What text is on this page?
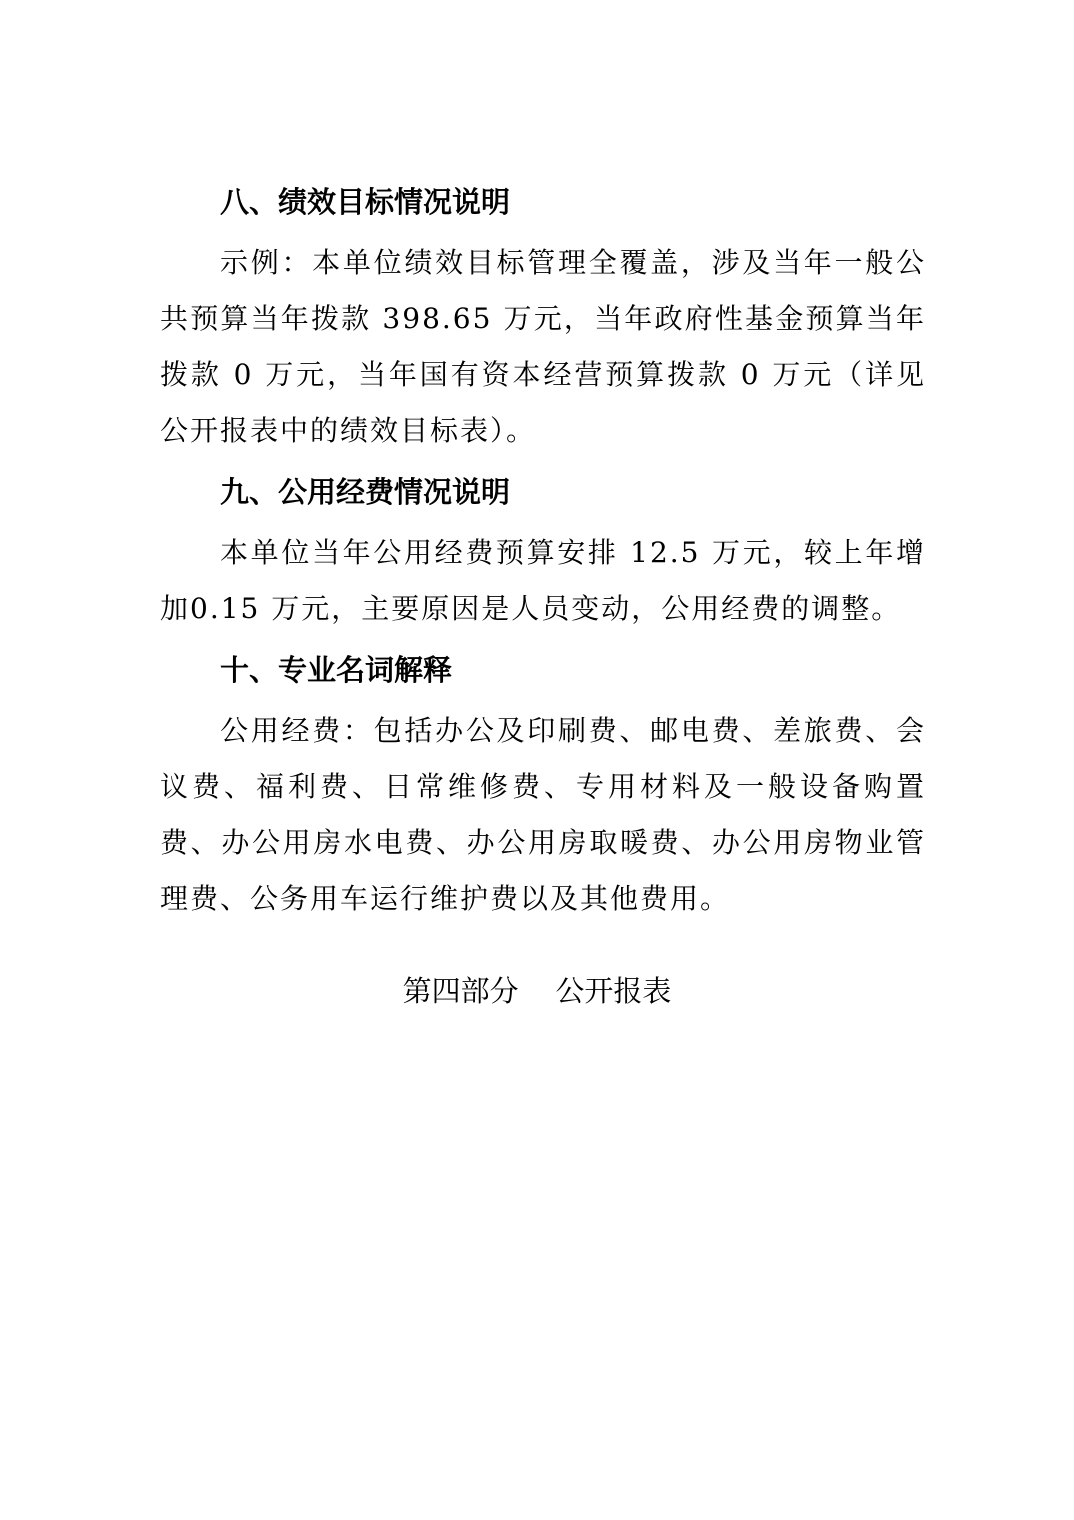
八、绩效目标情况说明

示例：本单位绩效目标管理全覆盖，涉及当年一般公共预算当年拨款 398.65 万元，当年政府性基金预算当年拨款 0 万元，当年国有资本经营预算拨款 0 万元（详见公开报表中的绩效目标表）。

九、公用经费情况说明

本单位当年公用经费预算安排 12.5 万元，较上年增加0.15 万元，主要原因是人员变动，公用经费的调整。

十、专业名词解释

公用经费：包括办公及印刷费、邮电费、差旅费、会议费、福利费、日常维修费、专用材料及一般设备购置费、办公用房水电费、办公用房取暖费、办公用房物业管理费、公务用车运行维护费以及其他费用。

第四部分    公开报表
